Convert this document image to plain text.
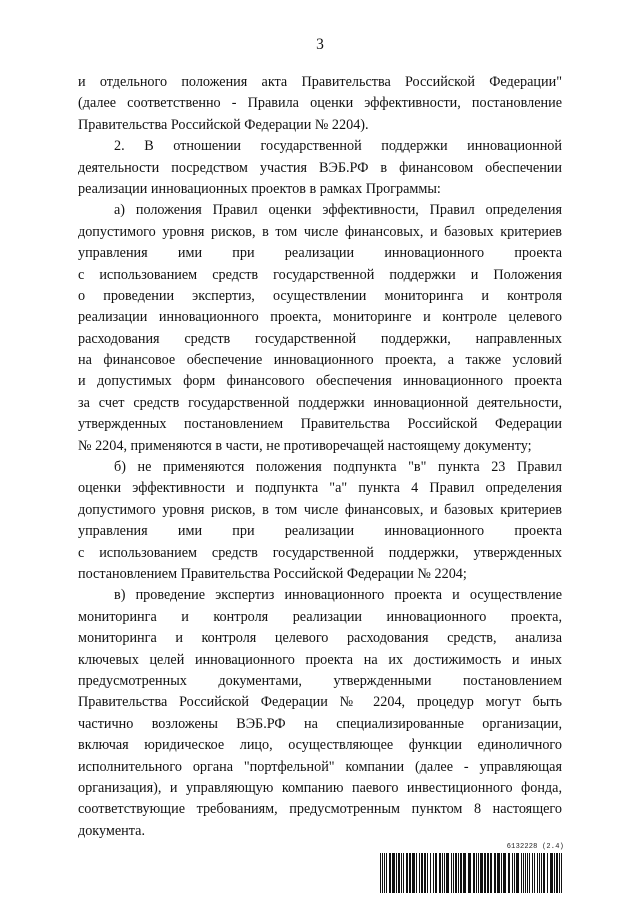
3
и отдельного положения акта Правительства Российской Федерации"
(далее соответственно - Правила оценки эффективности, постановление
Правительства Российской Федерации № 2204).
2. В отношении государственной поддержки инновационной
деятельности посредством участия ВЭБ.РФ в финансовом обеспечении
реализации инновационных проектов в рамках Программы:
а) положения Правил оценки эффективности, Правил определения
допустимого уровня рисков, в том числе финансовых, и базовых критериев
управления ими при реализации инновационного проекта
с использованием средств государственной поддержки и Положения
о проведении экспертиз, осуществлении мониторинга и контроля
реализации инновационного проекта, мониторинге и контроле целевого
расходования средств государственной поддержки, направленных
на финансовое обеспечение инновационного проекта, а также условий
и допустимых форм финансового обеспечения инновационного проекта
за счет средств государственной поддержки инновационной деятельности,
утвержденных постановлением Правительства Российской Федерации
№ 2204, применяются в части, не противоречащей настоящему документу;
б) не применяются положения подпункта "в" пункта 23 Правил
оценки эффективности и подпункта "а" пункта 4 Правил определения
допустимого уровня рисков, в том числе финансовых, и базовых критериев
управления ими при реализации инновационного проекта
с использованием средств государственной поддержки, утвержденных
постановлением Правительства Российской Федерации № 2204;
в) проведение экспертиз инновационного проекта и осуществление
мониторинга и контроля реализации инновационного проекта,
мониторинга и контроля целевого расходования средств, анализа
ключевых целей инновационного проекта на их достижимость и иных
предусмотренных документами, утвержденными постановлением
Правительства Российской Федерации № 2204, процедур могут быть
частично возложены ВЭБ.РФ на специализированные организации,
включая юридическое лицо, осуществляющее функции единоличного
исполнительного органа "портфельной" компании (далее - управляющая
организация), и управляющую компанию паевого инвестиционного фонда,
соответствующие требованиям, предусмотренным пунктом 8 настоящего
документа.
6132228 (2.4)
